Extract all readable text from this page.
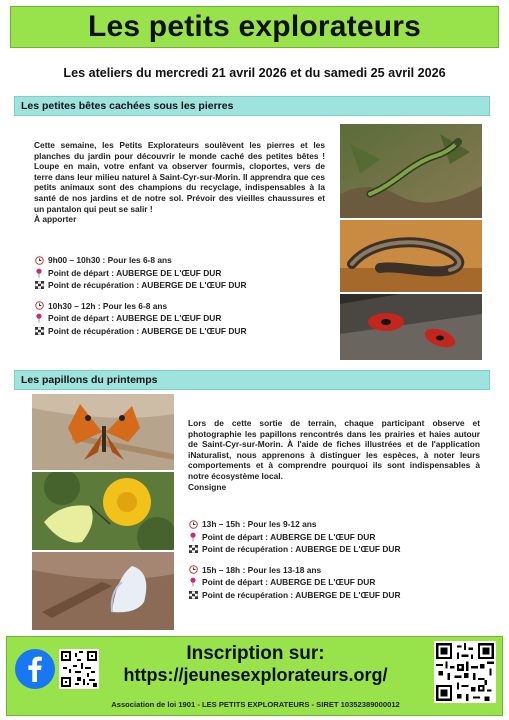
Les petits explorateurs
Les ateliers du mercredi 21 avril 2026 et du samedi 25 avril 2026
Les petites bêtes cachées sous les pierres
Cette semaine, les Petits Explorateurs soulèvent les pierres et les planches du jardin pour découvrir le monde caché des petites bêtes ! Loupe en main, votre enfant va observer fourmis, cloportes, vers de terre dans leur milieu naturel à Saint-Cyr-sur-Morin. Il apprendra que ces petits animaux sont des champions du recyclage, indispensables à la santé de nos jardins et de notre sol. Prévoir des vieilles chaussures et un pantalon qui peut se salir !
À apporter
9h00 – 10h30 : Pour les 6-8 ans
Point de départ : AUBERGE DE L'ŒUF DUR
Point de récupération : AUBERGE DE L'ŒUF DUR
10h30 – 12h : Pour les 6-8 ans
Point de départ : AUBERGE DE L'ŒUF DUR
Point de récupération : AUBERGE DE L'ŒUF DUR
Les papillons du printemps
Lors de cette sortie de terrain, chaque participant observe et photographie les papillons rencontrés dans les prairies et haies autour de Saint-Cyr-sur-Morin. À l'aide de fiches illustrées et de l'application iNaturalist, nous apprenons à distinguer les espèces, à noter leurs comportements et à comprendre pourquoi ils sont indispensables à notre écosystème local.
Consigne
13h – 15h : Pour les 9-12 ans
Point de départ : AUBERGE DE L'ŒUF DUR
Point de récupération : AUBERGE DE L'ŒUF DUR
15h – 18h : Pour les 13-18 ans
Point de départ : AUBERGE DE L'ŒUF DUR
Point de récupération : AUBERGE DE L'ŒUF DUR
Inscription sur:
https://jeunesexplorateurs.org/
Association de loi 1901 - LES PETITS EXPLORATEURS - SIRET 10352389000012
